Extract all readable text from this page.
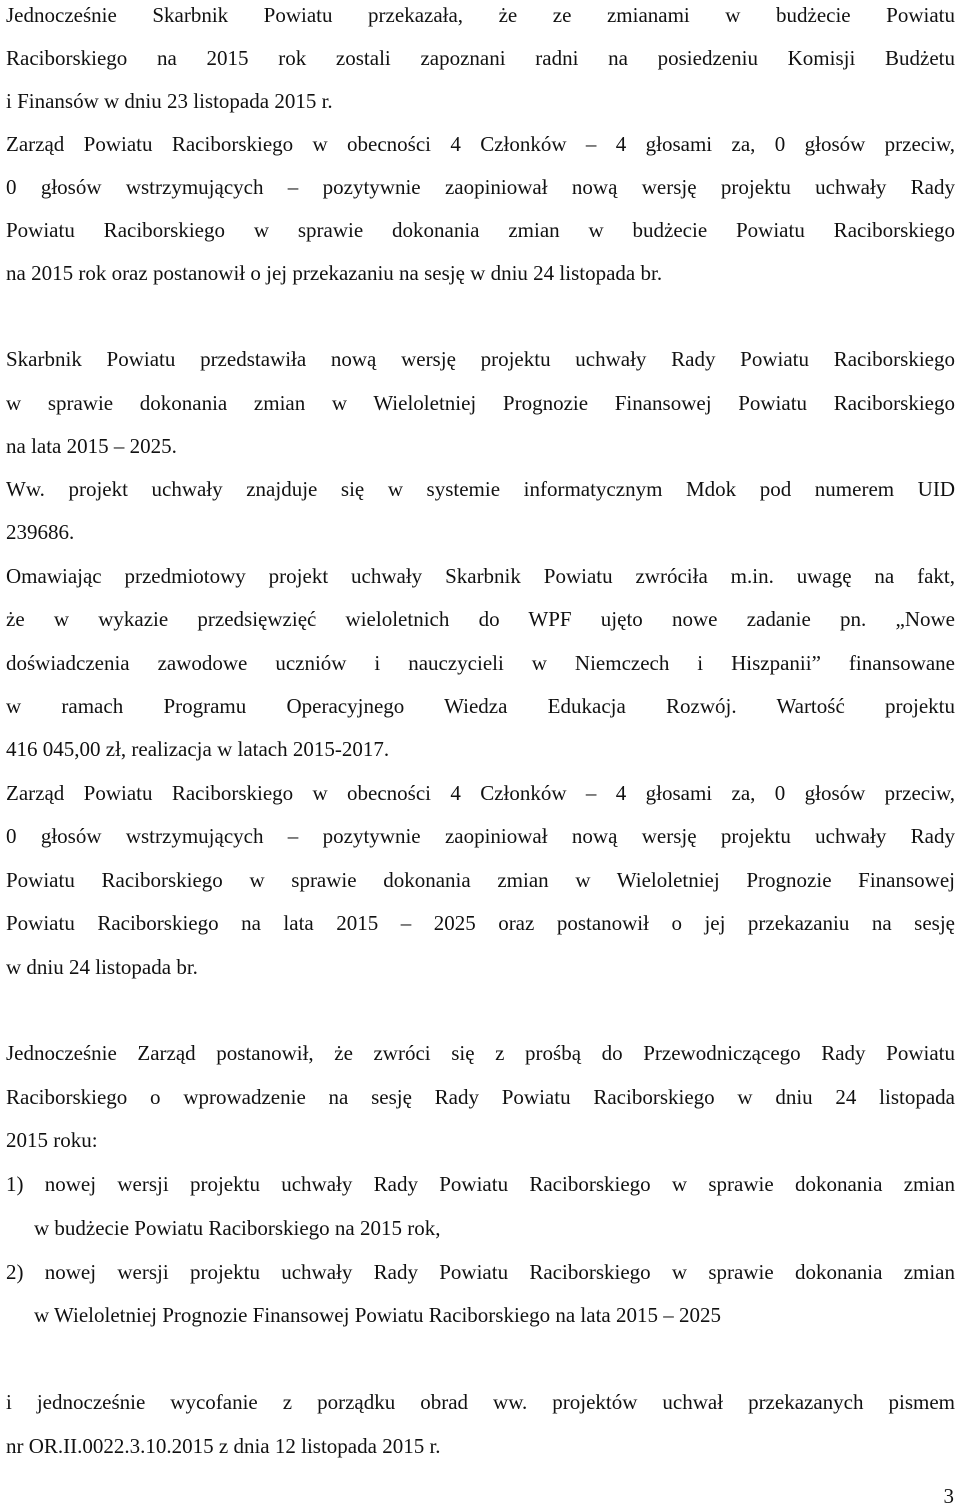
Jednocześnie Skarbnik Powiatu przekazała, że ze zmianami w budżecie Powiatu
Raciborskiego na 2015 rok zostali zapoznani radni na posiedzeniu Komisji Budżetu
i Finansów w dniu 23 listopada 2015 r.
Zarząd Powiatu Raciborskiego w obecności 4 Członków – 4 głosami za, 0 głosów przeciw,
0 głosów wstrzymujących – pozytywnie zaopiniował nową wersję projektu uchwały Rady
Powiatu Raciborskiego w sprawie dokonania zmian w budżecie Powiatu Raciborskiego
na 2015 rok oraz postanowił o jej przekazaniu na sesję w dniu 24 listopada br.
Skarbnik Powiatu przedstawiła nową wersję projektu uchwały Rady Powiatu Raciborskiego
w sprawie dokonania zmian w Wieloletniej Prognozie Finansowej Powiatu Raciborskiego
na lata 2015 – 2025.
Ww. projekt uchwały znajduje się w systemie informatycznym Mdok pod numerem UID
239686.
Omawiając przedmiotowy projekt uchwały Skarbnik Powiatu zwróciła m.in. uwagę na fakt,
że w wykazie przedsięwzięć wieloletnich do WPF ujęto nowe zadanie pn. „Nowe
doświadczenia zawodowe uczniów i nauczycieli w Niemczech i Hiszpanii” finansowane
w ramach Programu Operacyjnego Wiedza Edukacja Rozwój. Wartość projektu
416 045,00 zł, realizacja w latach 2015-2017.
Zarząd Powiatu Raciborskiego w obecności 4 Członków – 4 głosami za, 0 głosów przeciw,
0 głosów wstrzymujących – pozytywnie zaopiniował nową wersję projektu uchwały Rady
Powiatu Raciborskiego w sprawie dokonania zmian w Wieloletniej Prognozie Finansowej
Powiatu Raciborskiego na lata 2015 – 2025 oraz postanowił o jej przekazaniu na sesję
w dniu 24 listopada br.
Jednocześnie Zarząd postanowił, że zwróci się z prośbą do Przewodniczącego Rady Powiatu
Raciborskiego o wprowadzenie na sesję Rady Powiatu Raciborskiego w dniu 24 listopada
2015 roku:
1) nowej wersji projektu uchwały Rady Powiatu Raciborskiego w sprawie dokonania zmian
w budżecie Powiatu Raciborskiego na 2015 rok,
2) nowej wersji projektu uchwały Rady Powiatu Raciborskiego w sprawie dokonania zmian
w Wieloletniej Prognozie Finansowej Powiatu Raciborskiego na lata 2015 – 2025
i jednocześnie wycofanie z porządku obrad ww. projektów uchwał przekazanych pismem
nr OR.II.0022.3.10.2015 z dnia 12 listopada 2015 r.
3
